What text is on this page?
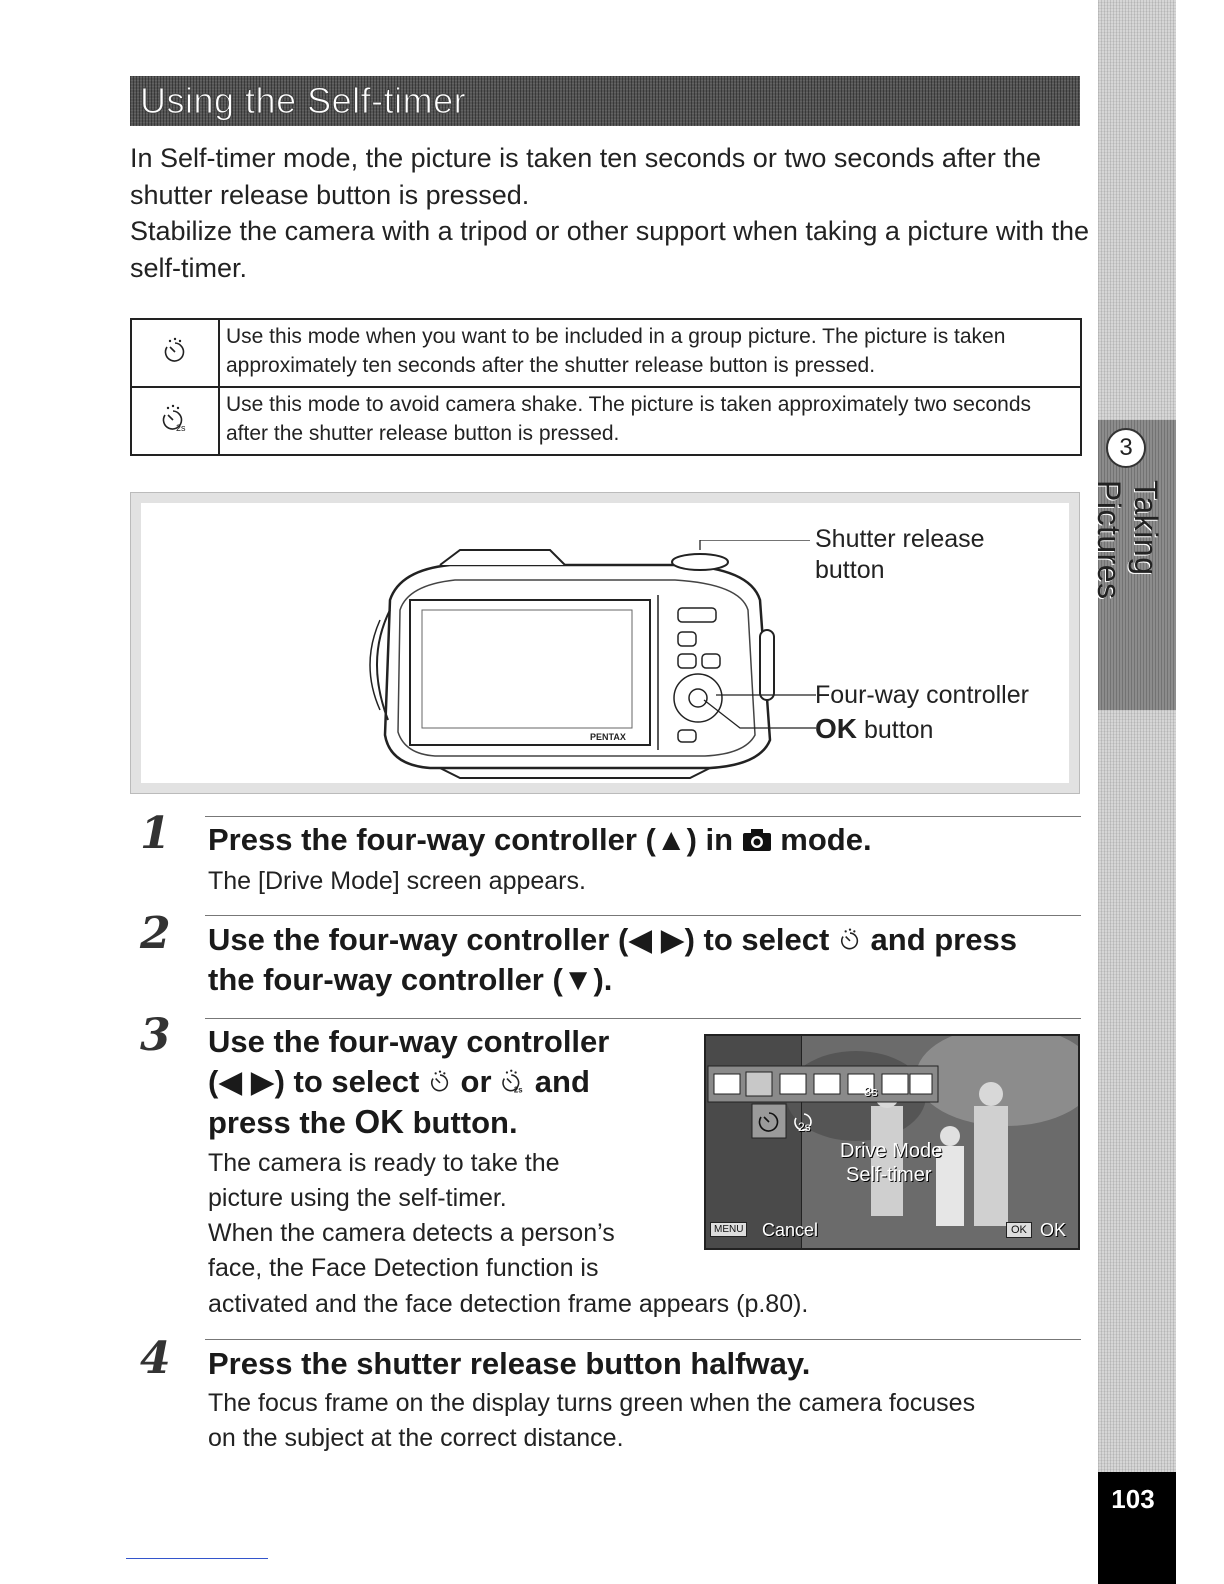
3
Taking Pictures
103
Using the Self-timer

In Self-timer mode, the picture is taken ten seconds or two seconds after the shutter release button is pressed.

Stabilize the camera with a tripod or other support when taking a picture with the self-timer.

	Use this mode when you want to be included in a group picture. The picture is taken approximately ten seconds after the shutter release button is pressed.

2s	Use this mode to avoid camera shake. The picture is taken approximately two seconds after the shutter release button is pressed.
PENTAX
Shutter release
button
Four-way controller
OK button
1 Press the four-way controller (▲) in  mode.
The [Drive Mode] screen appears.
2 Use the four-way controller (◀ ▶) to select  and press
the four-way controller (▼).
3 Use the four-way controller
(◀ ▶) to select  or 2s and
press the OK button.
The camera is ready to take the
picture using the self-timer.
When the camera detects a person’s
face, the Face Detection function is
activated and the face detection frame appears (p.80).
3s
2s
Drive Mode
Self-timer
MENU Cancel	OK OK
4 Press the shutter release button halfway.
The focus frame on the display turns green when the camera focuses
on the subject at the correct distance.
